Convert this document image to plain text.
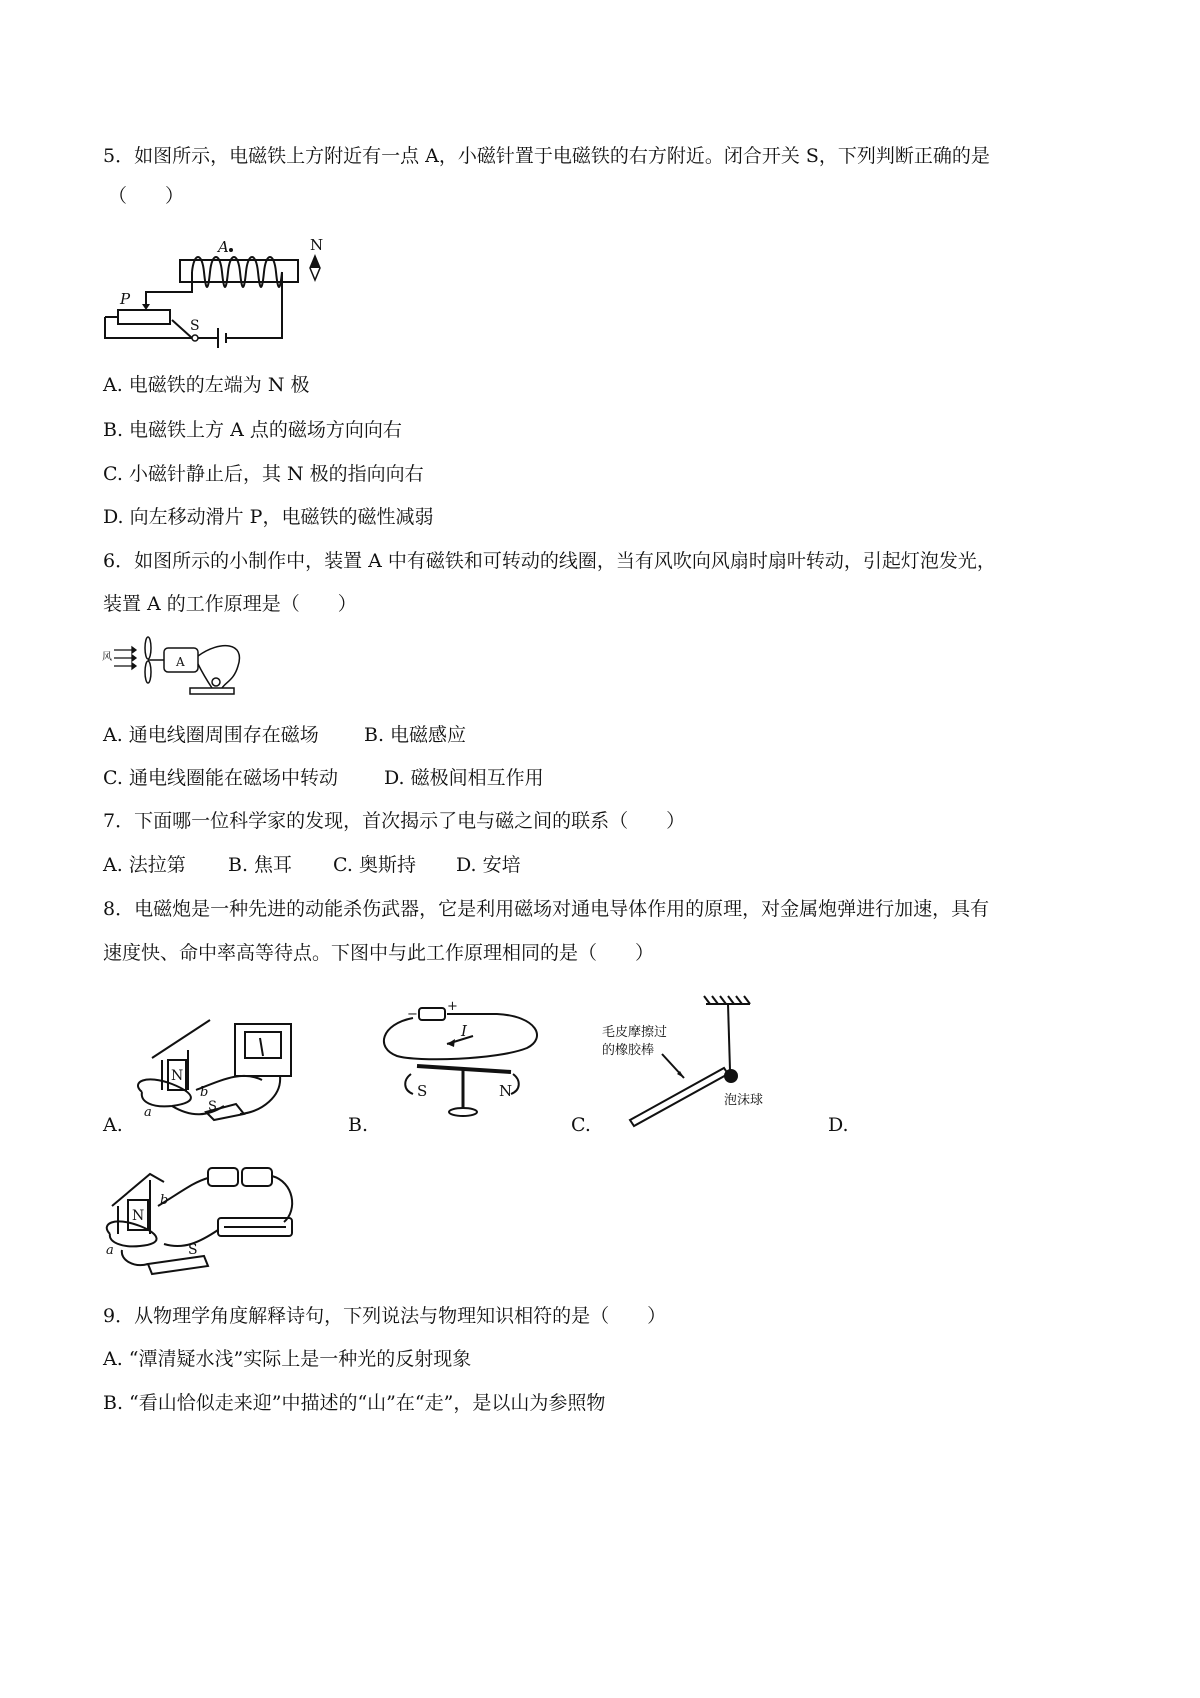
5．如图所示，电磁铁上方附近有一点 A，小磁针置于电磁铁的右方附近。闭合开关 S，下列判断正确的是
（　　）
A	N
P
S
A. 电磁铁的左端为 N 极
B. 电磁铁上方 A 点的磁场方向向右
C. 小磁针静止后，其 N 极的指向向右
D. 向左移动滑片 P，电磁铁的磁性减弱
6．如图所示的小制作中，装置 A 中有磁铁和可转动的线圈，当有风吹向风扇时扇叶转动，引起灯泡发光，
装置 A 的工作原理是（　　）
风	A
A. 通电线圈周围存在磁场 B. 电磁感应
C. 通电线圈能在磁场中转动 D. 磁极间相互作用
7．下面哪一位科学家的发现，首次揭示了电与磁之间的联系（　　）
A. 法拉第 B. 焦耳 C. 奥斯持 D. 安培
8．电磁炮是一种先进的动能杀伤武器，它是利用磁场对通电导体作用的原理，对金属炮弹进行加速，具有
速度快、命中率高等待点。下图中与此工作原理相同的是（　　）
N
b
a	S
A.
I
+
−
S	N
B.
毛皮摩擦过
的橡胶棒
泡沫球
C.	D.
N
b
a	S
9．从物理学角度解释诗句，下列说法与物理知识相符的是（　　）
A. “潭清疑水浅”实际上是一种光的反射现象
B. “看山恰似走来迎”中描述的“山”在“走”，是以山为参照物
